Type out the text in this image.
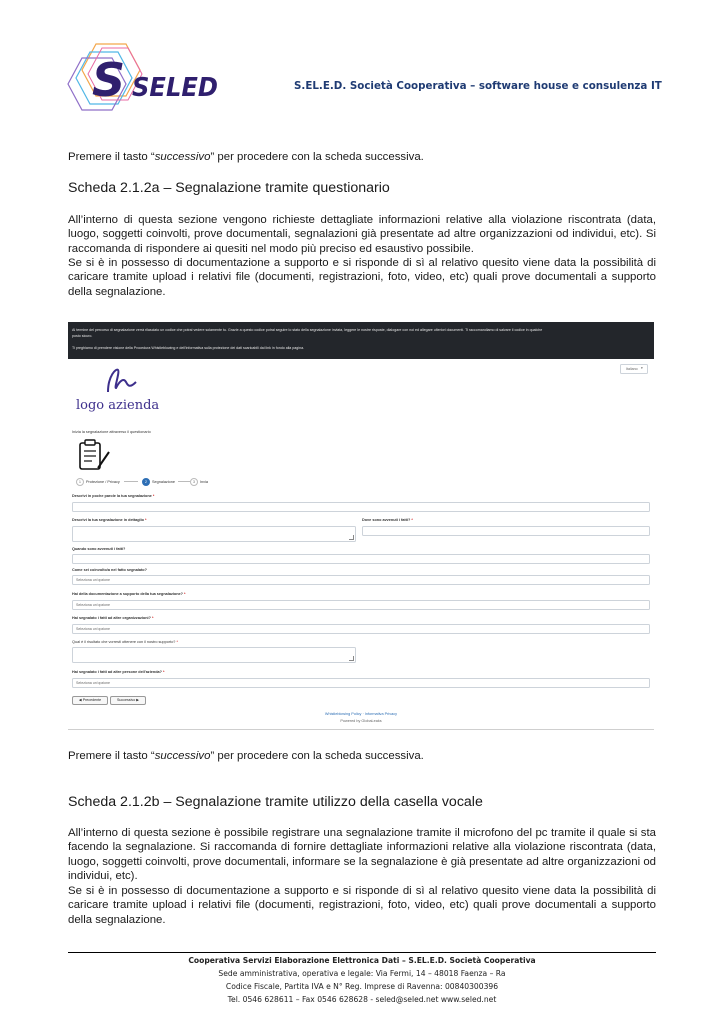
S SELED	S.EL.E.D. Società Cooperativa – software house e consulenza IT
Premere il tasto “successivo” per procedere con la scheda successiva.
Scheda 2.1.2a – Segnalazione tramite questionario
All’interno di questa sezione vengono richieste dettagliate informazioni relative alla violazione riscontrata (data, luogo, soggetti coinvolti, prove documentali, segnalazioni già presentate ad altre organizzazioni od individui, etc). Si raccomanda di rispondere ai quesiti nel modo più preciso ed esaustivo possibile.
Se si è in possesso di documentazione a supporto e si risponde di sì al relativo quesito viene data la possibilità di caricare tramite upload i relativi file (documenti, registrazioni, foto, video, etc) quali prove documentali a supporto della segnalazione.
Al termine del percorso di segnalazione verrà rilasciato un codice che potrai vedere solamente tu. Grazie a questo codice potrai seguire lo stato della segnalazione inviata, leggere le nostre risposte, dialogare con noi ed allegare ulteriori documenti. Ti raccomandiamo di salvare il codice in qualche
posto sicuro.
Ti preghiamo di prendere visione della Procedura Whistleblowing e dell'informativa sulla protezione dei dati scaricabili dai link in fondo alla pagina.
Italiano ▾
logo azienda
Inizia la segnalazione attraverso il questionario
1	Protezione / Privacy	2	Segnalazione	3	Invia
Descrivi in poche parole la tua segnalazione *
Descrivi la tua segnalazione in dettaglio *	Dove sono avvenuti i fatti? *
Quando sono avvenuti i fatti?
Come sei coinvolto/a nel fatto segnalato?
Seleziona un'opzione
Hai della documentazione a supporto della tua segnalazione? *
Seleziona un'opzione
Hai segnalato i fatti ad altre organizzazioni? *
Seleziona un'opzione
Qual è il risultato che vorresti ottenere con il nostro supporto? *
Hai segnalato i fatti ad altre persone dell'azienda? *
Seleziona un'opzione
◀ Precedente	Successivo ▶
Whistleblowing Policy · Informativa Privacy
Powered by GlobaLeaks
Premere il tasto “successivo” per procedere con la scheda successiva.
Scheda 2.1.2b – Segnalazione tramite utilizzo della casella vocale
All’interno di questa sezione è possibile registrare una segnalazione tramite il microfono del pc tramite il quale si sta facendo la segnalazione. Si raccomanda di fornire dettagliate informazioni relative alla violazione riscontrata (data, luogo, soggetti coinvolti, prove documentali, informare se la segnalazione è già presentate ad altre organizzazioni od individui, etc).
Se si è in possesso di documentazione a supporto e si risponde di sì al relativo quesito viene data la possibilità di caricare tramite upload i relativi file (documenti, registrazioni, foto, video, etc) quali prove documentali a supporto della segnalazione.
Cooperativa Servizi Elaborazione Elettronica Dati – S.EL.E.D. Società Cooperativa
Sede amministrativa, operativa e legale: Via Fermi, 14 – 48018 Faenza – Ra
Codice Fiscale, Partita IVA e N° Reg. Imprese di Ravenna: 00840300396
Tel. 0546 628611 – Fax 0546 628628 - seled@seled.net www.seled.net
